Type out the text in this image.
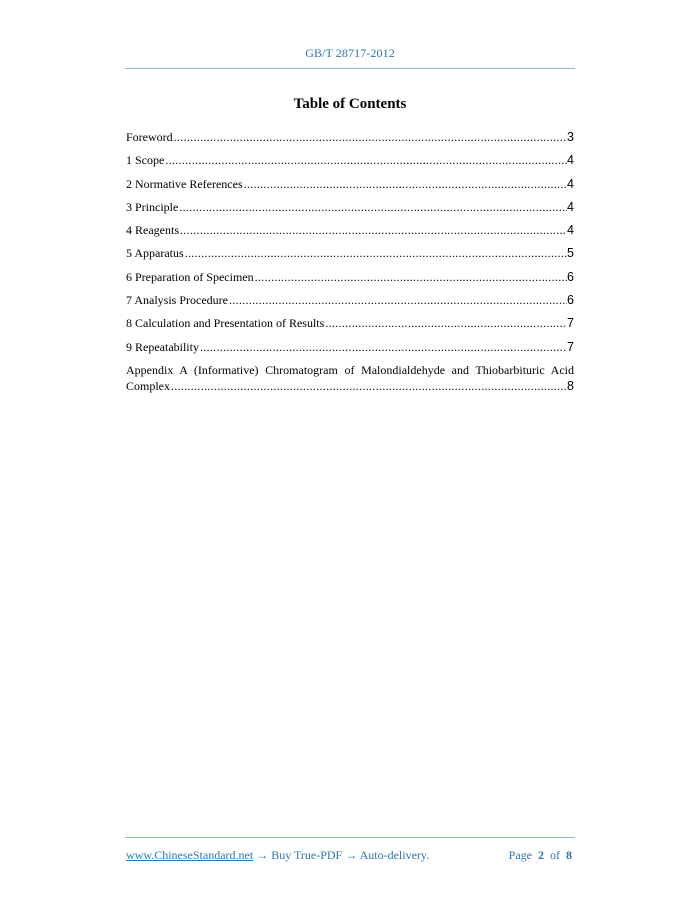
GB/T 28717-2012
Table of Contents
Foreword .....	3
1 Scope .....	4
2 Normative References .....	4
3 Principle .....	4
4 Reagents .....	4
5 Apparatus .....	5
6 Preparation of Specimen .....	6
7 Analysis Procedure .....	6
8 Calculation and Presentation of Results .....	7
9 Repeatability .....	7
Appendix A (Informative) Chromatogram of Malondialdehyde and Thiobarbituric Acid
Complex .....	8
www.ChineseStandard.net → Buy True-PDF → Auto-delivery.	Page 2 of 8
